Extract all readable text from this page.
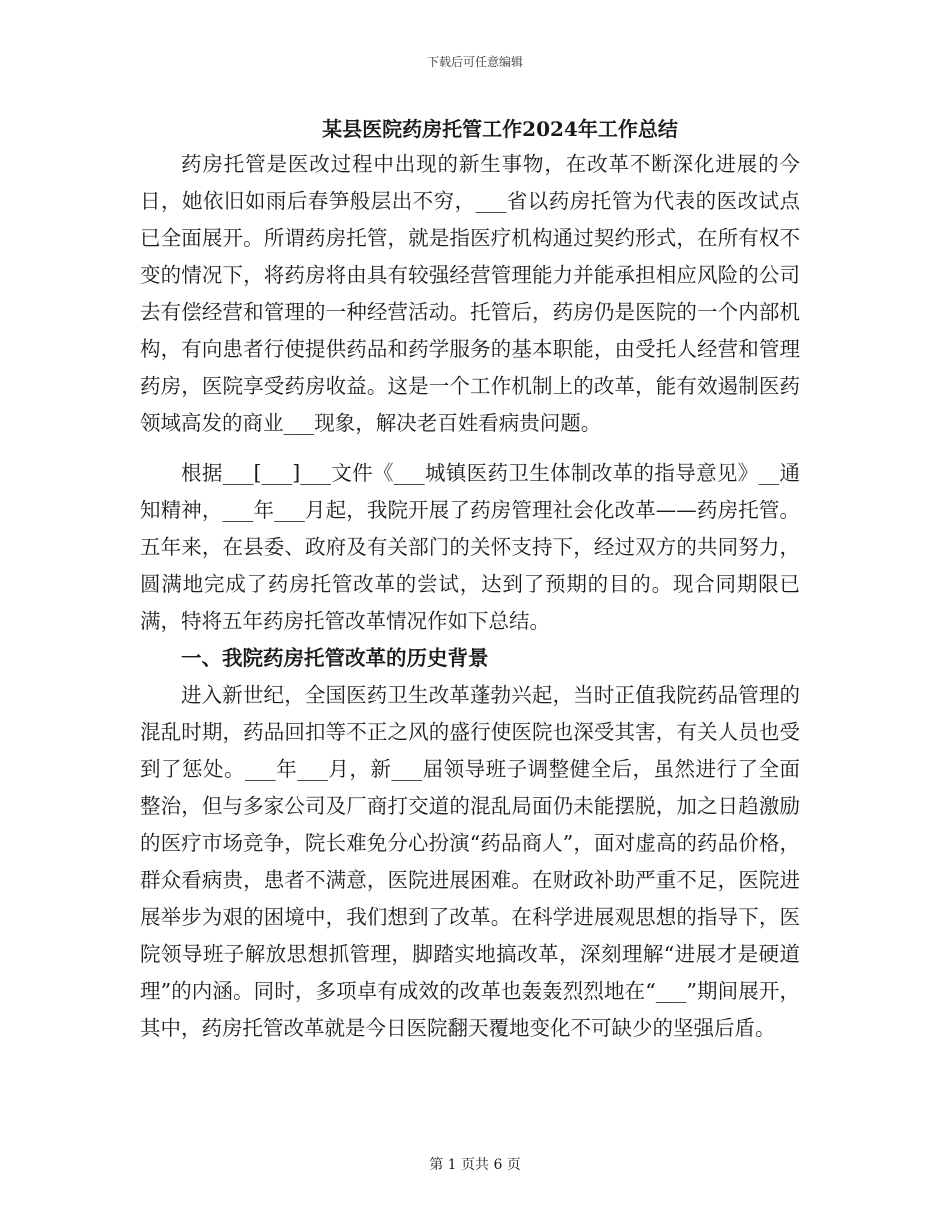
下载后可任意编辑
某县医院药房托管工作2024年工作总结

药房托管是医改过程中出现的新生事物，在改革不断深化进展的今日，她依旧如雨后春笋般层出不穷，___省以药房托管为代表的医改试点已全面展开。所谓药房托管，就是指医疗机构通过契约形式，在所有权不变的情况下，将药房将由具有较强经营管理能力并能承担相应风险的公司去有偿经营和管理的一种经营活动。托管后，药房仍是医院的一个内部机构，有向患者行使提供药品和药学服务的基本职能，由受托人经营和管理药房，医院享受药房收益。这是一个工作机制上的改革，能有效遏制医药领域高发的商业___现象，解决老百姓看病贵问题。

根据___[___]___文件《___城镇医药卫生体制改革的指导意见》__通知精神，___年___月起，我院开展了药房管理社会化改革——药房托管。五年来，在县委、政府及有关部门的关怀支持下，经过双方的共同努力，圆满地完成了药房托管改革的尝试，达到了预期的目的。现合同期限已满，特将五年药房托管改革情况作如下总结。

一、我院药房托管改革的历史背景

进入新世纪，全国医药卫生改革蓬勃兴起，当时正值我院药品管理的混乱时期，药品回扣等不正之风的盛行使医院也深受其害，有关人员也受到了惩处。___年___月，新___届领导班子调整健全后，虽然进行了全面整治，但与多家公司及厂商打交道的混乱局面仍未能摆脱，加之日趋激励的医疗市场竞争，院长难免分心扮演“药品商人”，面对虚高的药品价格，群众看病贵，患者不满意，医院进展困难。在财政补助严重不足，医院进展举步为艰的困境中，我们想到了改革。在科学进展观思想的指导下，医院领导班子解放思想抓管理，脚踏实地搞改革，深刻理解“进展才是硬道理”的内涵。同时，多项卓有成效的改革也轰轰烈烈地在“___”期间展开，其中，药房托管改革就是今日医院翻天覆地变化不可缺少的坚强后盾。

第 1 页共 6 页
